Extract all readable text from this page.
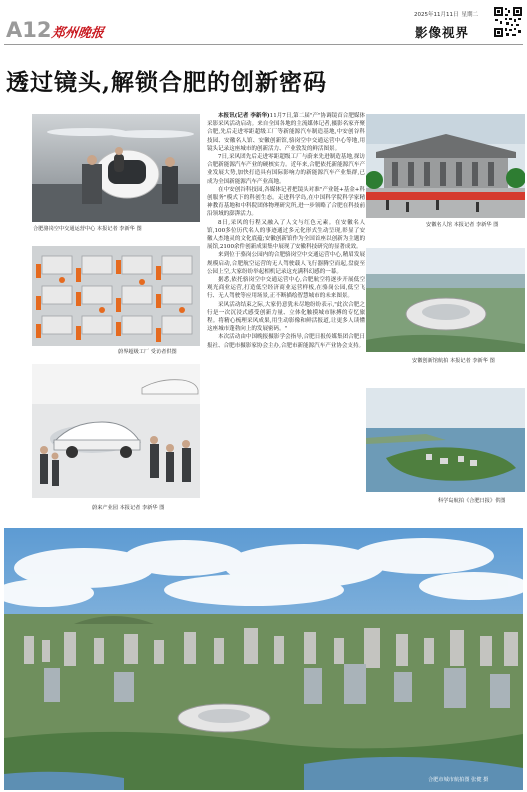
A12 郑州晚报
2025年11月11日 星期二
影像视界
透过镜头,解锁合肥的创新密码
合肥骆岗空中交通运营中心 本报记者 李新华 图
蔚界超级工厂 受访者供图
蔚来产业园 本报记者 李新华 图

本报讯(记者 李新华)11月7日,第二届"产"协调镜首合肥媒体采影采风活动启动。来自全国各地的主流媒体记者,摄影名家齐聚合肥,先后走进零距超级工厂等新能源汽车制造基地,中安创谷科技园、安徽名人馆、安徽创新馆,骆岗空中交通运营中心等地,用镜头记录这座城市的创新活力、产业敦发的鲜活图景。

7日,采风团先后走进零距超级工厂与蔚来先进制造基地,探访合肥新能源汽车产业的硬核实力。近年来,合肥依托新能源汽车产业发展大势,加快打造具有国际影响力的新能源汽车产业集群,已成为全国新能源汽车产业高地。

在中安创谷科技园,各媒体记者把镜头对准"产业链+基金+科创服务"模式下的科创生态。走进科学岛,在中国科学院科学家精神教育基地和中科院团体物理研究所,进一步领略了合肥在科技前沿领域的澎湃活力。

8日,采风的行程又融入了人文与红色元素。在安徽名人馆,100多位历代名人的事迹通过多元化形式生动呈现,彰显了安徽人杰地灵的文化底蕴;安徽创新馆作为全国首座以创新为主题的展馆,2100余件创新成果集中展现了安徽科技研究的显著成效。

来到位于骆岗公园内的合肥骆岗空中交通运营中心,精眉发展规模启动,合肥航空运营的无人驾驶载人飞行器腾空而起,盘旋至公园上空,大家纷纷举起相机记录这充满科幻感的一幕。

据悉,依托骆岗空中交通运营中心,合肥航空将逐步开展低空观光商业运营,打造低空经济商业运营样板,在骆岗公园,低空飞行、无人驾驶等应用场景,正不断描绘智慧城市的未来图景。

采风活动结束之际,大家仍意犹未尽地纷纷表示,"此次合肥之行是一次沉浸式感受创新力量、立体化触摸城市脉搏的专忆旅程。将精心梳理采风成果,用生动影像和鲜活报道,让更多人读懂这座城市蓬勃向上的发展密码。"

本次活动由中国晚报摄影学会指导,合肥日报传媒集团合肥日报社、合肥市摄影家协会主办,合肥市新能源汽车产业协会支持。

安徽名人馆 本报记者 李新华 图
安徽创新馆航拍 本报记者 李新华 图
科学岛航拍《合肥日报》供图
合肥市城市航拍图 张健 摄
